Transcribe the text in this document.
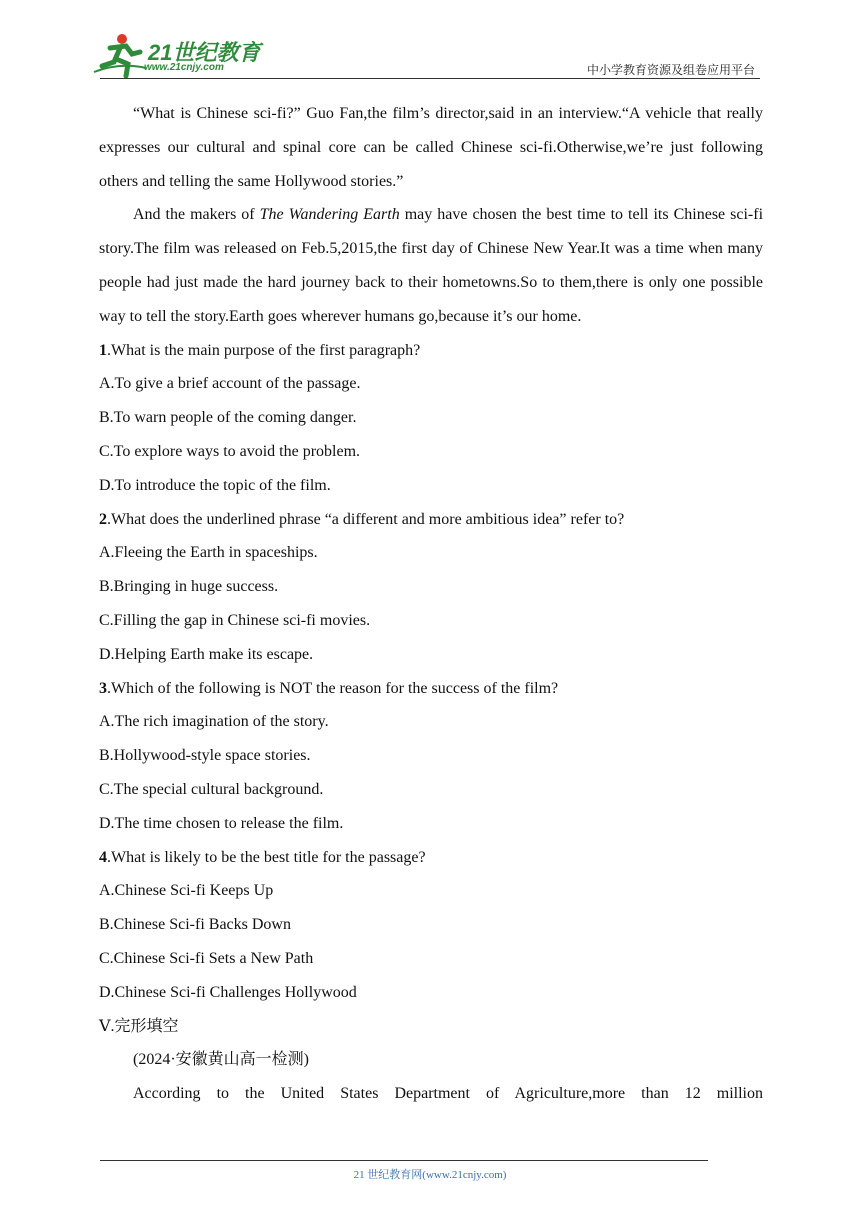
21世纪教育
www.21cnjy.com	中小学教育资源及组卷应用平台

“What is Chinese sci-fi?” Guo Fan,the film’s director,said in an interview.“A vehicle that really expresses our cultural and spinal core can be called Chinese sci-fi.Otherwise,we’re just following others and telling the same Hollywood stories.”

And the makers of The Wandering Earth may have chosen the best time to tell its Chinese sci-fi story.The film was released on Feb.5,2015,the first day of Chinese New Year.It was a time when many people had just made the hard journey back to their hometowns.So to them,there is only one possible way to tell the story.Earth goes wherever humans go,because it’s our home.

1.What is the main purpose of the first paragraph?

A.To give a brief account of the passage.

B.To warn people of the coming danger.

C.To explore ways to avoid the problem.

D.To introduce the topic of the film.

2.What does the underlined phrase “a different and more ambitious idea” refer to?

A.Fleeing the Earth in spaceships.

B.Bringing in huge success.

C.Filling the gap in Chinese sci-fi movies.

D.Helping Earth make its escape.

3.Which of the following is NOT the reason for the success of the film?

A.The rich imagination of the story.

B.Hollywood-style space stories.

C.The special cultural background.

D.The time chosen to release the film.

4.What is likely to be the best title for the passage?

A.Chinese Sci-fi Keeps Up

B.Chinese Sci-fi Backs Down

C.Chinese Sci-fi Sets a New Path

D.Chinese Sci-fi Challenges Hollywood

Ⅴ.完形填空

(2024·安徽黄山高一检测)

According to the United States Department of Agriculture,more than 12 million

21 世纪教育网(www.21cnjy.com)
